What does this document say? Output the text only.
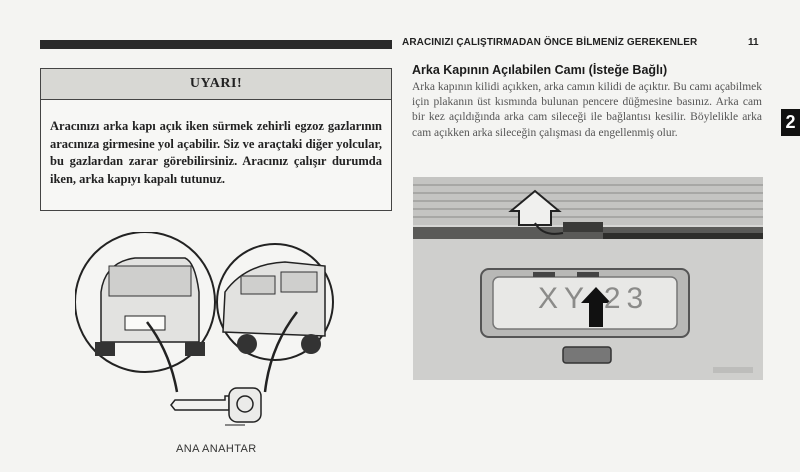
ARACINIZI ÇALIŞTIRMADAN ÖNCE BİLMENİZ GEREKENLER	11
2
UYARI!
Aracınızı arka kapı açık iken sürmek zehirli egzoz gazlarının aracınıza girmesine yol açabilir. Siz ve araçtaki diğer yolcular, bu gazlardan zarar görebilirsiniz. Aracınız çalışır durumda iken, arka kapıyı kapalı tutunuz.
Arka Kapının Açılabilen Camı (İsteğe Bağlı)
Arka kapının kilidi açıkken, arka camın kilidi de açıktır. Bu camı açabilmek için plakanın üst kısmında bulunan pencere düğmesine basınız. Arka cam bir kez açıldığında arka cam sileceği ile bağlantısı kesilir. Böylelikle arka cam açıkken arka sileceğin çalışması da engellenmiş olur.
XY 23
ANA ANAHTAR
